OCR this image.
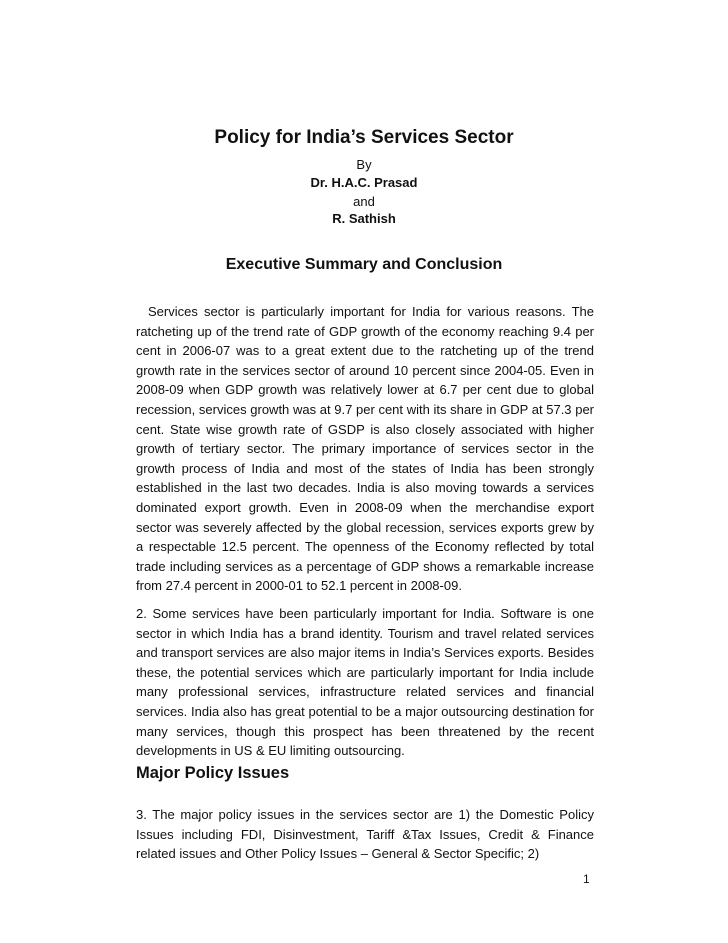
Policy for India’s Services Sector
By
Dr. H.A.C. Prasad
and
R. Sathish
Executive Summary and Conclusion

Services sector is particularly important for India for various reasons. The ratcheting up of the trend rate of GDP growth of the economy reaching 9.4 per cent in 2006-07 was to a great extent due to the ratcheting up of the trend growth rate in the services sector of around 10 percent since 2004-05. Even in 2008-09 when GDP growth was relatively lower at 6.7 per cent due to global recession, services growth was at 9.7 per cent with its share in GDP at 57.3 per cent. State wise growth rate of GSDP is also closely associated with higher growth of tertiary sector. The primary importance of services sector in the growth process of India and most of the states of India has been strongly established in the last two decades. India is also moving towards a services dominated export growth. Even in 2008-09 when the merchandise export sector was severely affected by the global recession, services exports grew by a respectable 12.5 percent. The openness of the Economy reflected by total trade including services as a percentage of GDP shows a remarkable increase from 27.4 percent in 2000-01 to 52.1 percent in 2008-09.

2. Some services have been particularly important for India. Software is one sector in which India has a brand identity. Tourism and travel related services and transport services are also major items in India’s Services exports. Besides these, the potential services which are particularly important for India include many professional services, infrastructure related services and financial services. India also has great potential to be a major outsourcing destination for many services, though this prospect has been threatened by the recent developments in US & EU limiting outsourcing.

Major Policy Issues

3. The major policy issues in the services sector are 1) the Domestic Policy Issues including FDI, Disinvestment, Tariff &Tax Issues, Credit & Finance related issues and Other Policy Issues – General & Sector Specific; 2)

1
